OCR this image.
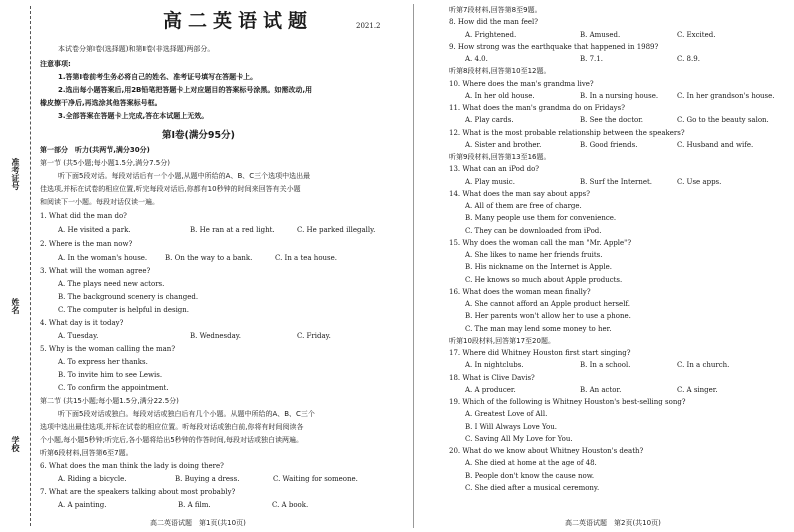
准考证号
姓名
学校
高二英语试题	2021.2
本试卷分第Ⅰ卷(选择题)和第Ⅱ卷(非选择题)两部分。
注意事项:
1.答第Ⅰ卷前考生务必将自己的姓名、准考证号填写在答题卡上。
2.选出每小题答案后,用2B铅笔把答题卡上对应题目的答案标号涂黑。如需改动,用
橡皮擦干净后,再选涂其他答案标号框。
3.全部答案在答题卡上完成,答在本试题上无效。
第Ⅰ卷(满分95分)
第一部分　听力(共两节,满分30分)
第一节 (共5小题;每小题1.5分,满分7.5分)
听下面5段对话。每段对话后有一个小题,从题中所给的A、B、C三个选项中选出最
佳选项,并标在试卷的相应位置,听完每段对话后,你都有10秒钟的时间来回答有关小题
和阅读下一小题。每段对话仅读一遍。
1. What did the man do?
A. He visited a park.	B. He ran at a red light.	C. He parked illegally.
2. Where is the man now?
A. In the woman's house.	B. On the way to a bank.	C. In a tea house.
3. What will the woman agree?
A. The plays need new actors.
B. The background scenery is changed.
C. The computer is helpful in design.
4. What day is it today?
A. Tuesday.	B. Wednesday.	C. Friday.
5. Why is the woman calling the man?
A. To express her thanks.
B. To invite him to see Lewis.
C. To confirm the appointment.
第二节 (共15小题;每小题1.5分,满分22.5分)
听下面5段对话或独白。每段对话或独白后有几个小题。从题中所给的A、B、C三个
选项中选出最佳选项,并标在试卷的相应位置。听每段对话或独白前,你将有时间阅读各
个小题,每小题5秒钟;听完后,各小题将给出5秒钟的作答时间,每段对话或独白读两遍。
听第6段材料,回答第6至7题。
6. What does the man think the lady is doing there?
A. Riding a bicycle.	B. Buying a dress.	C. Waiting for someone.
7. What are the speakers talking about most probably?
A. A painting.	B. A film.	C. A book.
高二英语试题　第1页(共10页)
听第7段材料,回答第8至9题。
8. How did the man feel?
A. Frightened.	B. Amused.	C. Excited.
9. How strong was the earthquake that happened in 1989?
A. 4.0.	B. 7.1.	C. 8.9.
听第8段材料,回答第10至12题。
10. Where does the man's grandma live?
A. In her old house.	B. In a nursing house.	C. In her grandson's house.
11. What does the man's grandma do on Fridays?
A. Play cards.	B. See the doctor.	C. Go to the beauty salon.
12. What is the most probable relationship between the speakers?
A. Sister and brother.	B. Good friends.	C. Husband and wife.
听第9段材料,回答第13至16题。
13. What can an iPod do?
A. Play music.	B. Surf the Internet.	C. Use apps.
14. What does the man say about apps?
A. All of them are free of charge.
B. Many people use them for convenience.
C. They can be downloaded from iPod.
15. Why does the woman call the man "Mr. Apple"?
A. She likes to name her friends fruits.
B. His nickname on the Internet is Apple.
C. He knows so much about Apple products.
16. What does the woman mean finally?
A. She cannot afford an Apple product herself.
B. Her parents won't allow her to use a phone.
C. The man may lend some money to her.
听第10段材料,回答第17至20题。
17. Where did Whitney Houston first start singing?
A. In nightclubs.	B. In a school.	C. In a church.
18. What is Clive Davis?
A. A producer.	B. An actor.	C. A singer.
19. Which of the following is Whitney Houston's best-selling song?
A. Greatest Love of All.
B. I Will Always Love You.
C. Saving All My Love for You.
20. What do we know about Whitney Houston's death?
A. She died at home at the age of 48.
B. People don't know the cause now.
C. She died after a musical ceremony.
高二英语试题　第2页(共10页)
